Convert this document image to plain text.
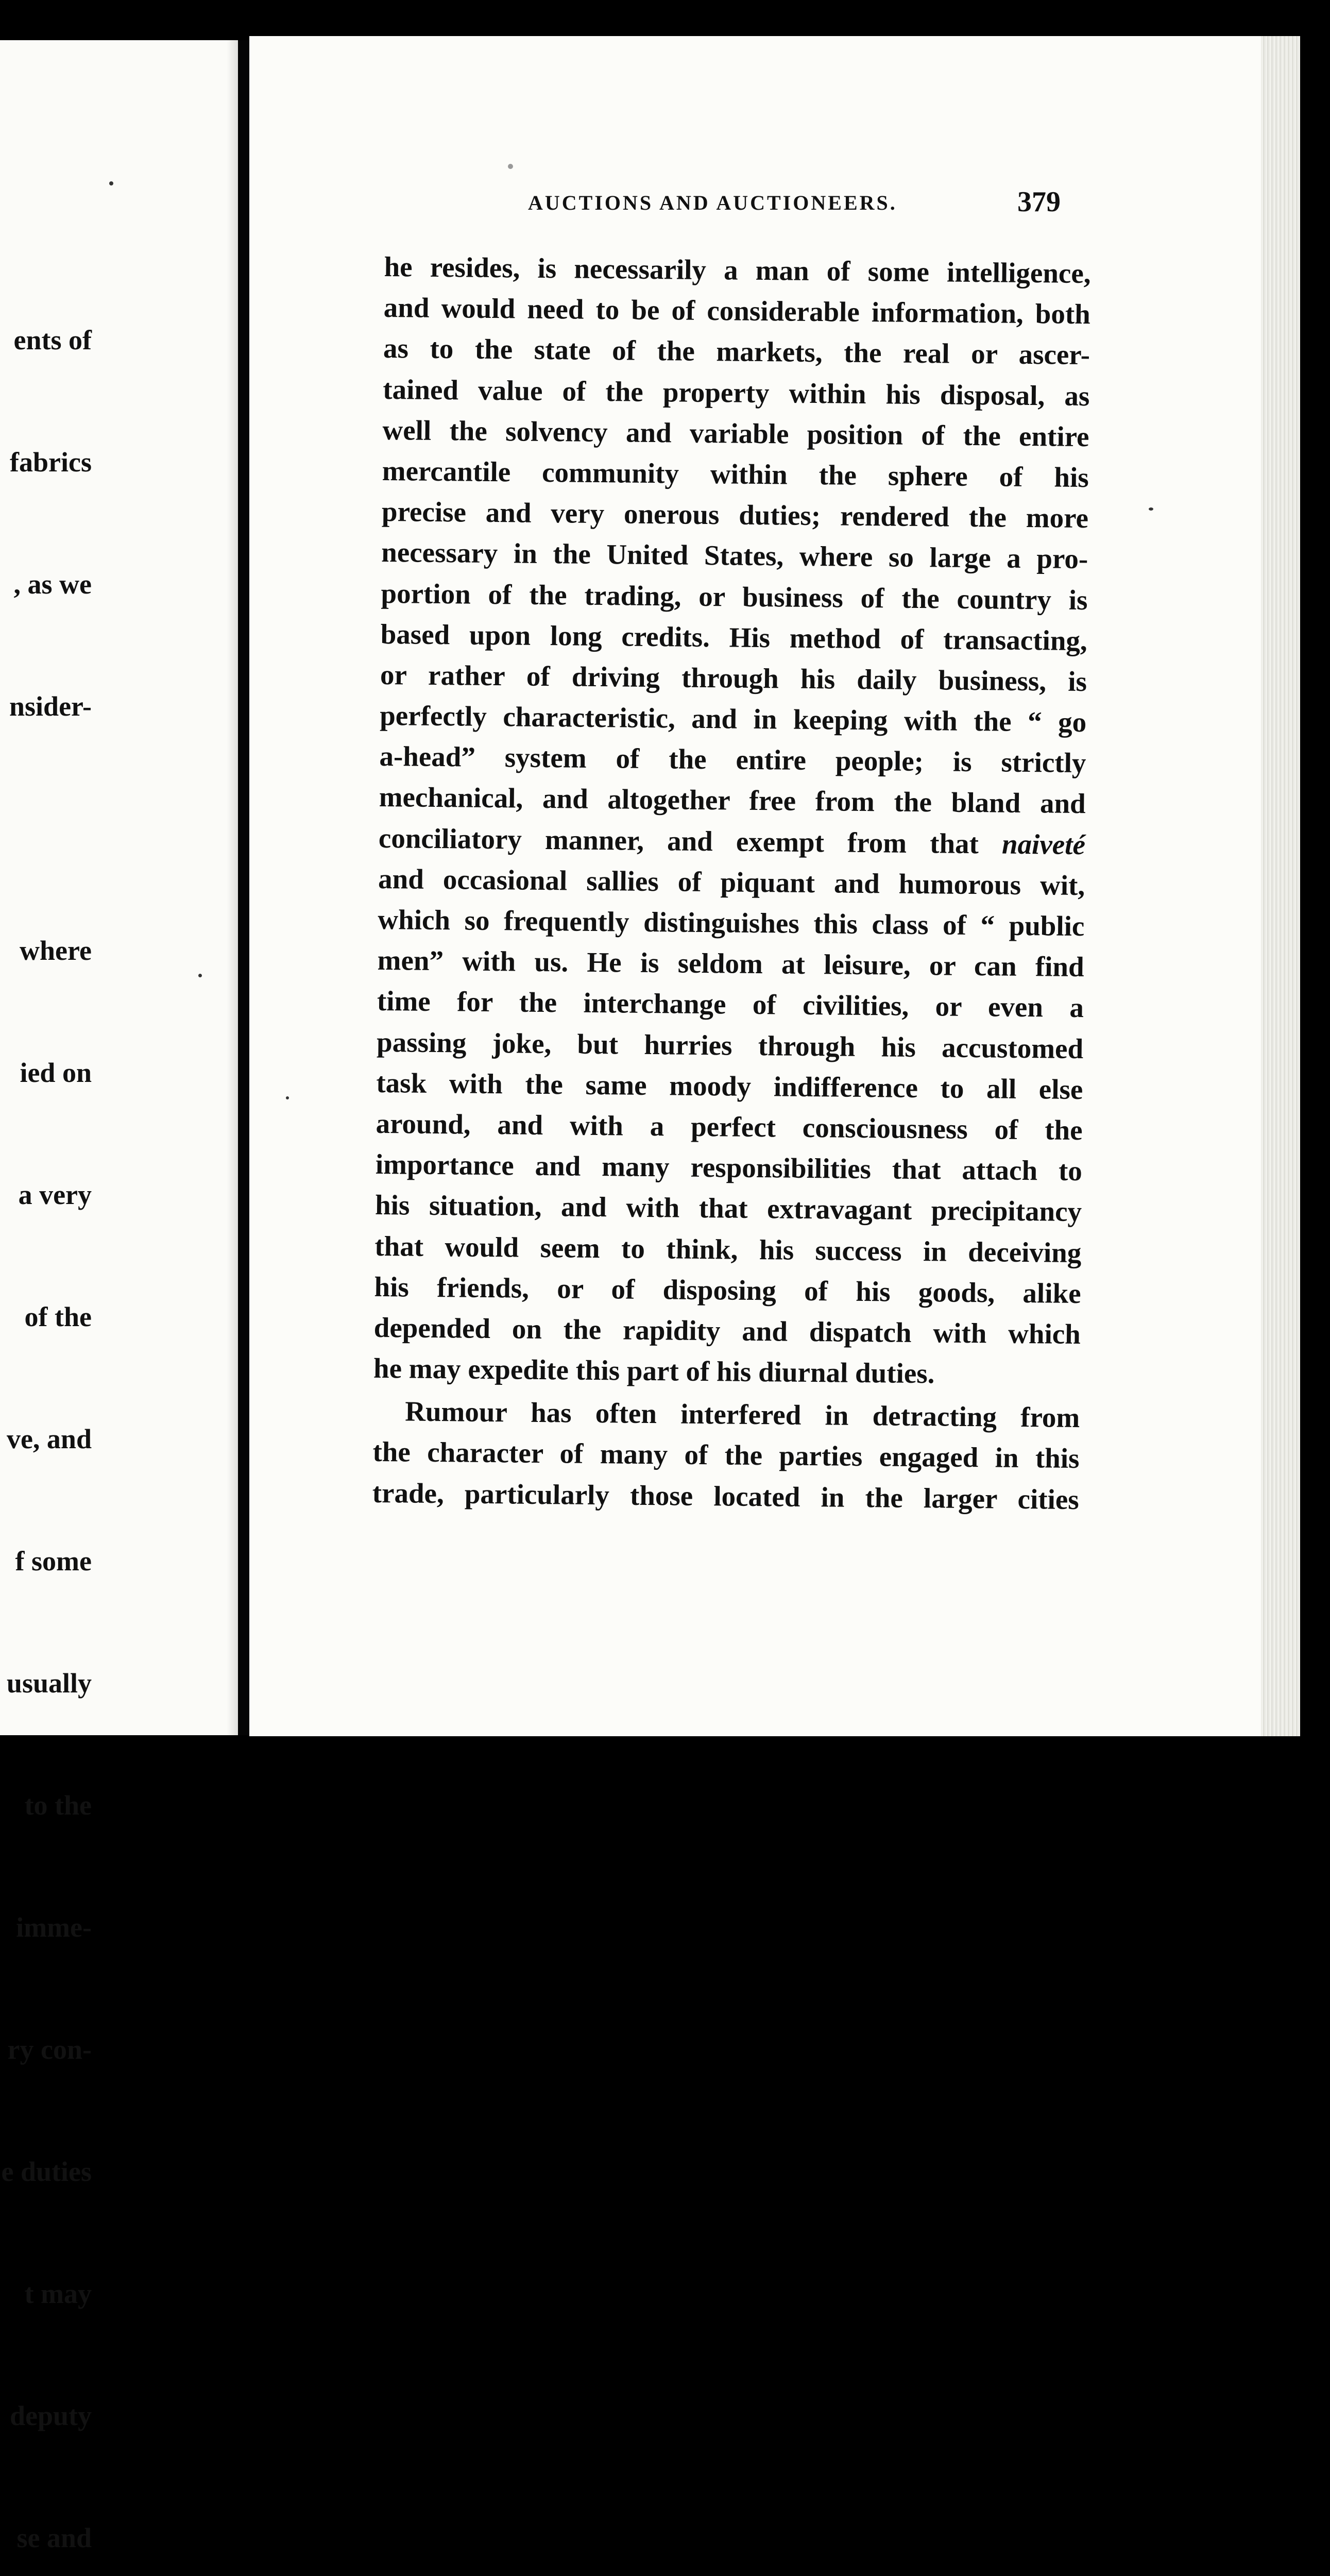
ents of

fabrics

, as we

nsider-

where

ied on

a very

of the

ve, and

f some

usually

to the

imme-

ry con-

e duties

t may

deputy

se and

AUCTIONS AND AUCTIONEERS.	379
he resides, is necessarily a man of some intelligence,
and would need to be of considerable information, both
as to the state of the markets, the real or ascer-
tained value of the property within his disposal, as
well the solvency and variable position of the entire
mercantile community within the sphere of his
precise and very onerous duties; rendered the more
necessary in the United States, where so large a pro-
portion of the trading, or business of the country is
based upon long credits. His method of transacting,
or rather of driving through his daily business, is
perfectly characteristic, and in keeping with the “ go
a-head” system of the entire people; is strictly
mechanical, and altogether free from the bland and
conciliatory manner, and exempt from that naiveté
and occasional sallies of piquant and humorous wit,
which so frequently distinguishes this class of “ public
men” with us. He is seldom at leisure, or can find
time for the interchange of civilities, or even a
passing joke, but hurries through his accustomed
task with the same moody indifference to all else
around, and with a perfect consciousness of the
importance and many responsibilities that attach to
his situation, and with that extravagant precipitancy
that would seem to think, his success in deceiving
his friends, or of disposing of his goods, alike
depended on the rapidity and dispatch with which
he may expedite this part of his diurnal duties.
Rumour has often interfered in detracting from
the character of many of the parties engaged in this
trade, particularly those located in the larger cities
